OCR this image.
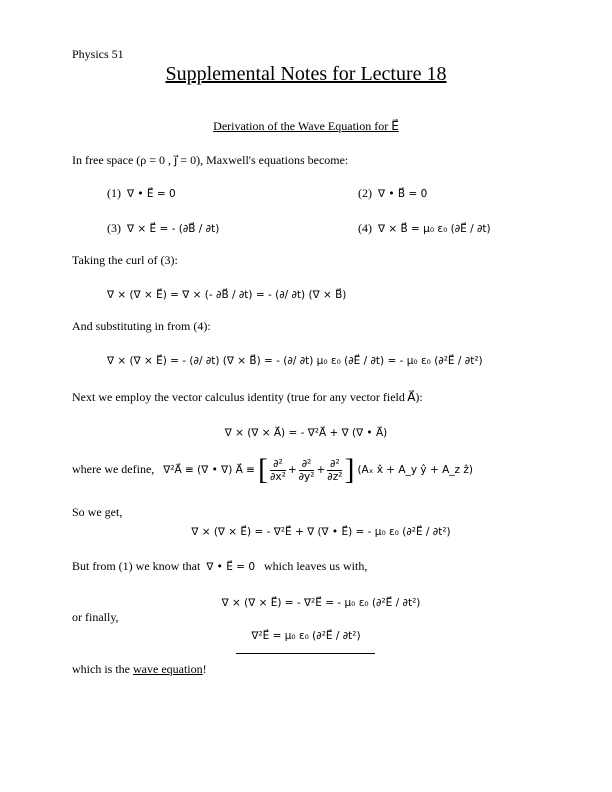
Physics 51
Supplemental Notes for Lecture 18
Derivation of the Wave Equation for E⃗
In free space (ρ = 0 , j⃗ = 0), Maxwell's equations become:
(1) ∇ • E⃗ = 0	(2) ∇ • B⃗ = 0
(3) ∇ × E⃗ = - (∂B⃗ / ∂t)	(4) ∇ × B⃗ = μ₀ ε₀ (∂E⃗ / ∂t)
Taking the curl of (3):
∇ × (∇ × E⃗) = ∇ × (- ∂B⃗ / ∂t) = - (∂/ ∂t) (∇ × B⃗)
And substituting in from (4):
∇ × (∇ × E⃗) = - (∂/ ∂t) (∇ × B⃗) = - (∂/ ∂t) μ₀ ε₀ (∂E⃗ / ∂t) = - μ₀ ε₀ (∂²E⃗ / ∂t²)
Next we employ the vector calculus identity (true for any vector field A⃗):
∇ × (∇ × A⃗) = - ∇²A⃗ + ∇ (∇ • A⃗)
where we define, ∇²A⃗ ≡ (∇ • ∇) A⃗ ≡ [ $\frac{\text{∂²}}{\text{∂x²}} + \frac{\text{∂²}}{\text{∂y²}} + \frac{\text{∂²}}{\text{∂z²}}$ ] (Aₓ x̂ + A_y ŷ + A_z ẑ)
So we get,
∇ × (∇ × E⃗) = - ∇²E⃗ + ∇ (∇ • E⃗) = - μ₀ ε₀ (∂²E⃗ / ∂t²)
But from (1) we know that ∇ • E⃗ = 0 which leaves us with,
∇ × (∇ × E⃗) = - ∇²E⃗ = - μ₀ ε₀ (∂²E⃗ / ∂t²)
or finally,
∇²E⃗ = μ₀ ε₀ (∂²E⃗ / ∂t²)
which is the wave equation!
